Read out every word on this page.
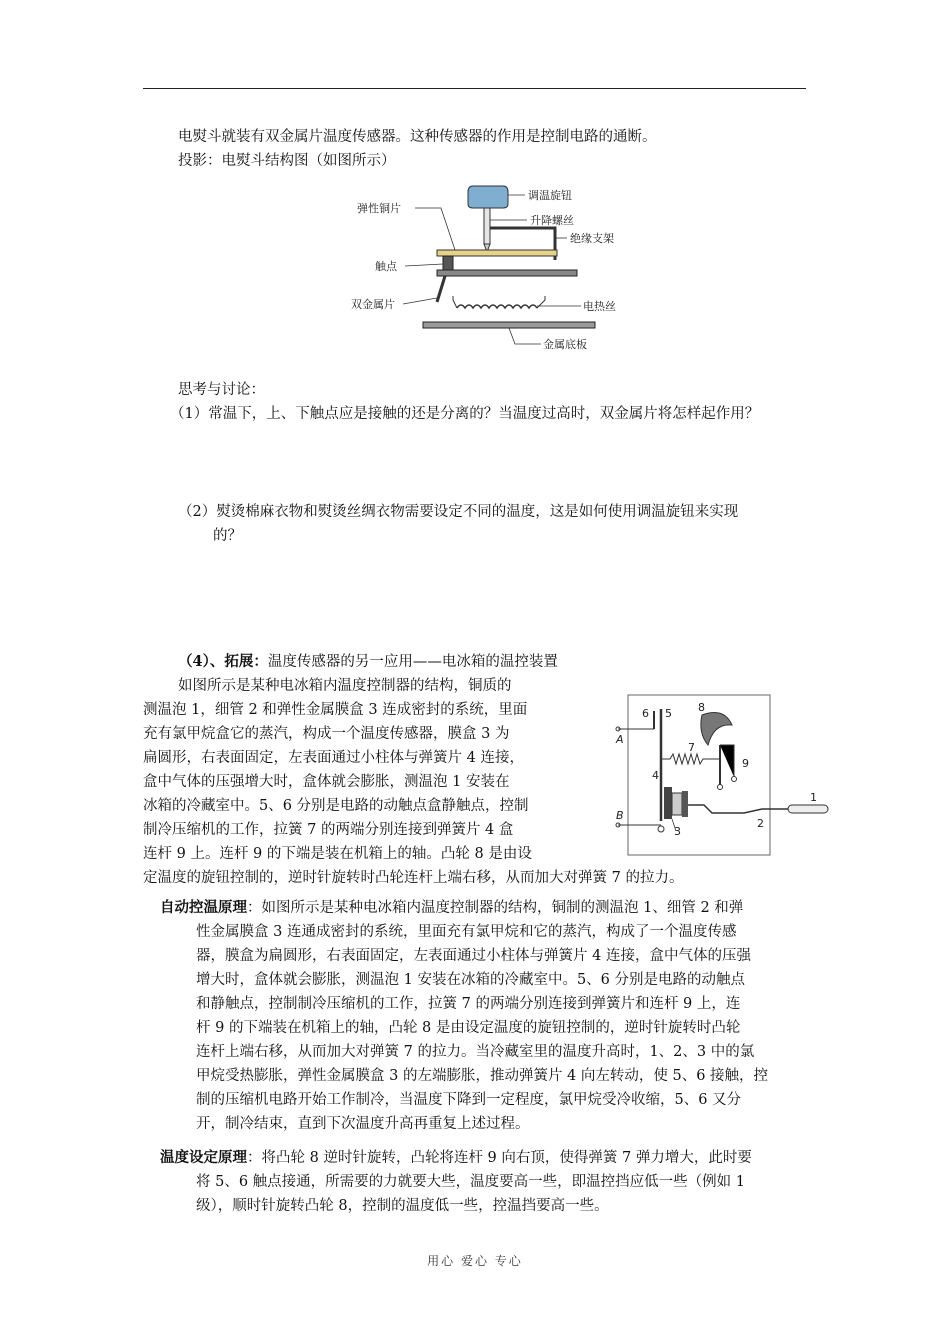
电熨斗就装有双金属片温度传感器。这种传感器的作用是控制电路的通断。
投影：电熨斗结构图（如图所示）
调温旋钮
升降螺丝
绝缘支架
弹性铜片
触点
双金属片	电热丝
金属底板
思考与讨论：
（1）常温下，上、下触点应是接触的还是分离的？当温度过高时，双金属片将怎样起作用？
（2）熨烫棉麻衣物和熨烫丝绸衣物需要设定不同的温度，这是如何使用调温旋钮来实现
的？
（4）、拓展：温度传感器的另一应用——电冰箱的温控装置
如图所示是某种电冰箱内温度控制器的结构，铜质的
测温泡 1，细管 2 和弹性金属膜盒 3 连成密封的系统，里面
充有氯甲烷盒它的蒸汽，构成一个温度传感器，膜盒 3 为
扁圆形，右表面固定，左表面通过小柱体与弹簧片 4 连接，
盒中气体的压强增大时，盒体就会膨胀，测温泡 1 安装在
冰箱的冷藏室中。5、6 分别是电路的动触点盒静触点，控制
制冷压缩机的工作，拉簧 7 的两端分别连接到弹簧片 4 盒
连杆 9 上。连杆 9 的下端是装在机箱上的轴。凸轮 8 是由设
定温度的旋钮控制的，逆时针旋转时凸轮连杆上端右移，从而加大对弹簧 7 的拉力。
6 5 8
7
9
4
3
2
1
A
B
自动控温原理：如图所示是某种电冰箱内温度控制器的结构，铜制的测温泡 1、细管 2 和弹
性金属膜盒 3 连通成密封的系统，里面充有氯甲烷和它的蒸汽，构成了一个温度传感
器，膜盒为扁圆形，右表面固定，左表面通过小柱体与弹簧片 4 连接，盒中气体的压强
增大时，盒体就会膨胀，测温泡 1 安装在冰箱的冷藏室中。5、6 分别是电路的动触点
和静触点，控制制冷压缩机的工作，拉簧 7 的两端分别连接到弹簧片和连杆 9 上，连
杆 9 的下端装在机箱上的轴，凸轮 8 是由设定温度的旋钮控制的，逆时针旋转时凸轮
连杆上端右移，从而加大对弹簧 7 的拉力。当冷藏室里的温度升高时，1、2、3 中的氯
甲烷受热膨胀，弹性金属膜盒 3 的左端膨胀，推动弹簧片 4 向左转动，使 5、6 接触，控
制的压缩机电路开始工作制冷，当温度下降到一定程度，氯甲烷受冷收缩，5、6 又分
开，制冷结束，直到下次温度升高再重复上述过程。
温度设定原理：将凸轮 8 逆时针旋转，凸轮将连杆 9 向右顶，使得弹簧 7 弹力增大，此时要
将 5、6 触点接通，所需要的力就要大些，温度要高一些，即温控挡应低一些（例如 1
级），顺时针旋转凸轮 8，控制的温度低一些，控温挡要高一些。
用心 爱心 专心
